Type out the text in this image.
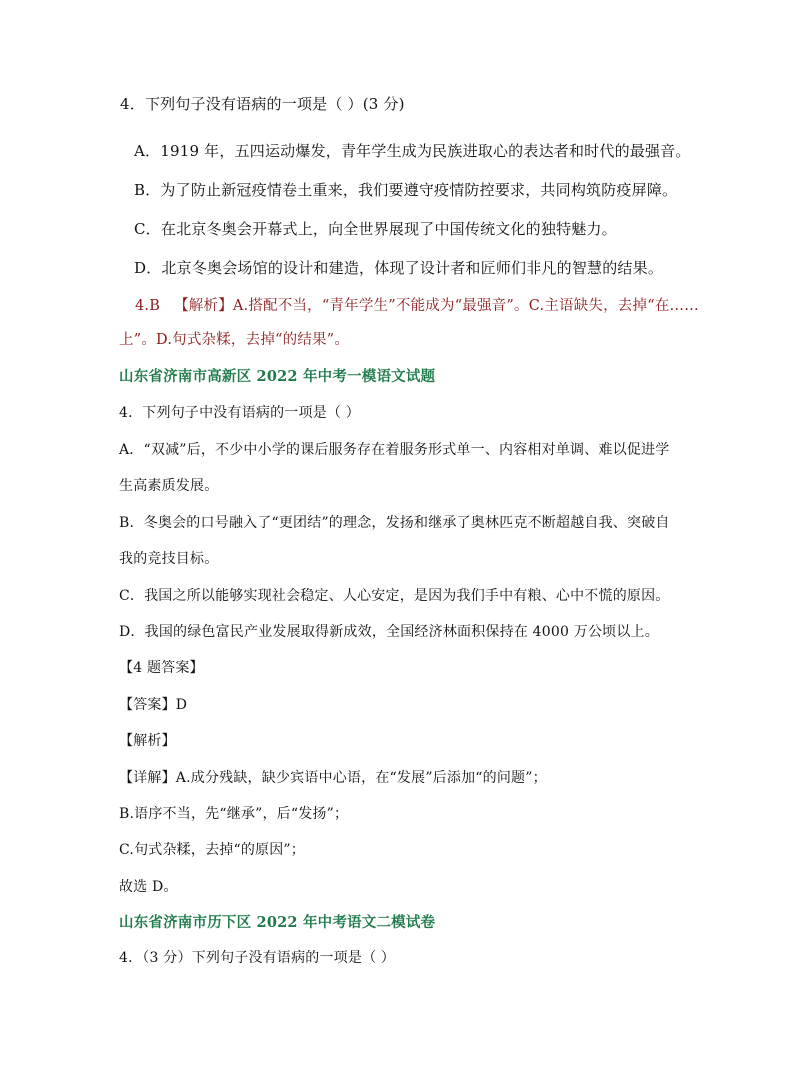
4．下列句子没有语病的一项是（ ）(3 分)
A．1919 年，五四运动爆发，青年学生成为民族进取心的表达者和时代的最强音。
B．为了防止新冠疫情卷土重来，我们要遵守疫情防控要求，共同构筑防疫屏障。
C．在北京冬奥会开幕式上，向全世界展现了中国传统文化的独特魅力。
D．北京冬奥会场馆的设计和建造，体现了设计者和匠师们非凡的智慧的结果。
4.B 【解析】A.搭配不当，“青年学生”不能成为“最强音”。C.主语缺失，去掉“在……
上”。D.句式杂糅，去掉“的结果”。
山东省济南市高新区 2022 年中考一模语文试题
4．下列句子中没有语病的一项是（ ）
A．“双减”后，不少中小学的课后服务存在着服务形式单一、内容相对单调、难以促进学
生高素质发展。
B．冬奥会的口号融入了“更团结”的理念，发扬和继承了奥林匹克不断超越自我、突破自
我的竞技目标。
C．我国之所以能够实现社会稳定、人心安定，是因为我们手中有粮、心中不慌的原因。
D．我国的绿色富民产业发展取得新成效，全国经济林面积保持在 4000 万公顷以上。
【4 题答案】
【答案】D
【解析】
【详解】A.成分残缺，缺少宾语中心语，在“发展”后添加“的问题”；
B.语序不当，先“继承”，后“发扬”；
C.句式杂糅，去掉“的原因”；
故选 D。
山东省济南市历下区 2022 年中考语文二模试卷
4．（3 分）下列句子没有语病的一项是（ ）
